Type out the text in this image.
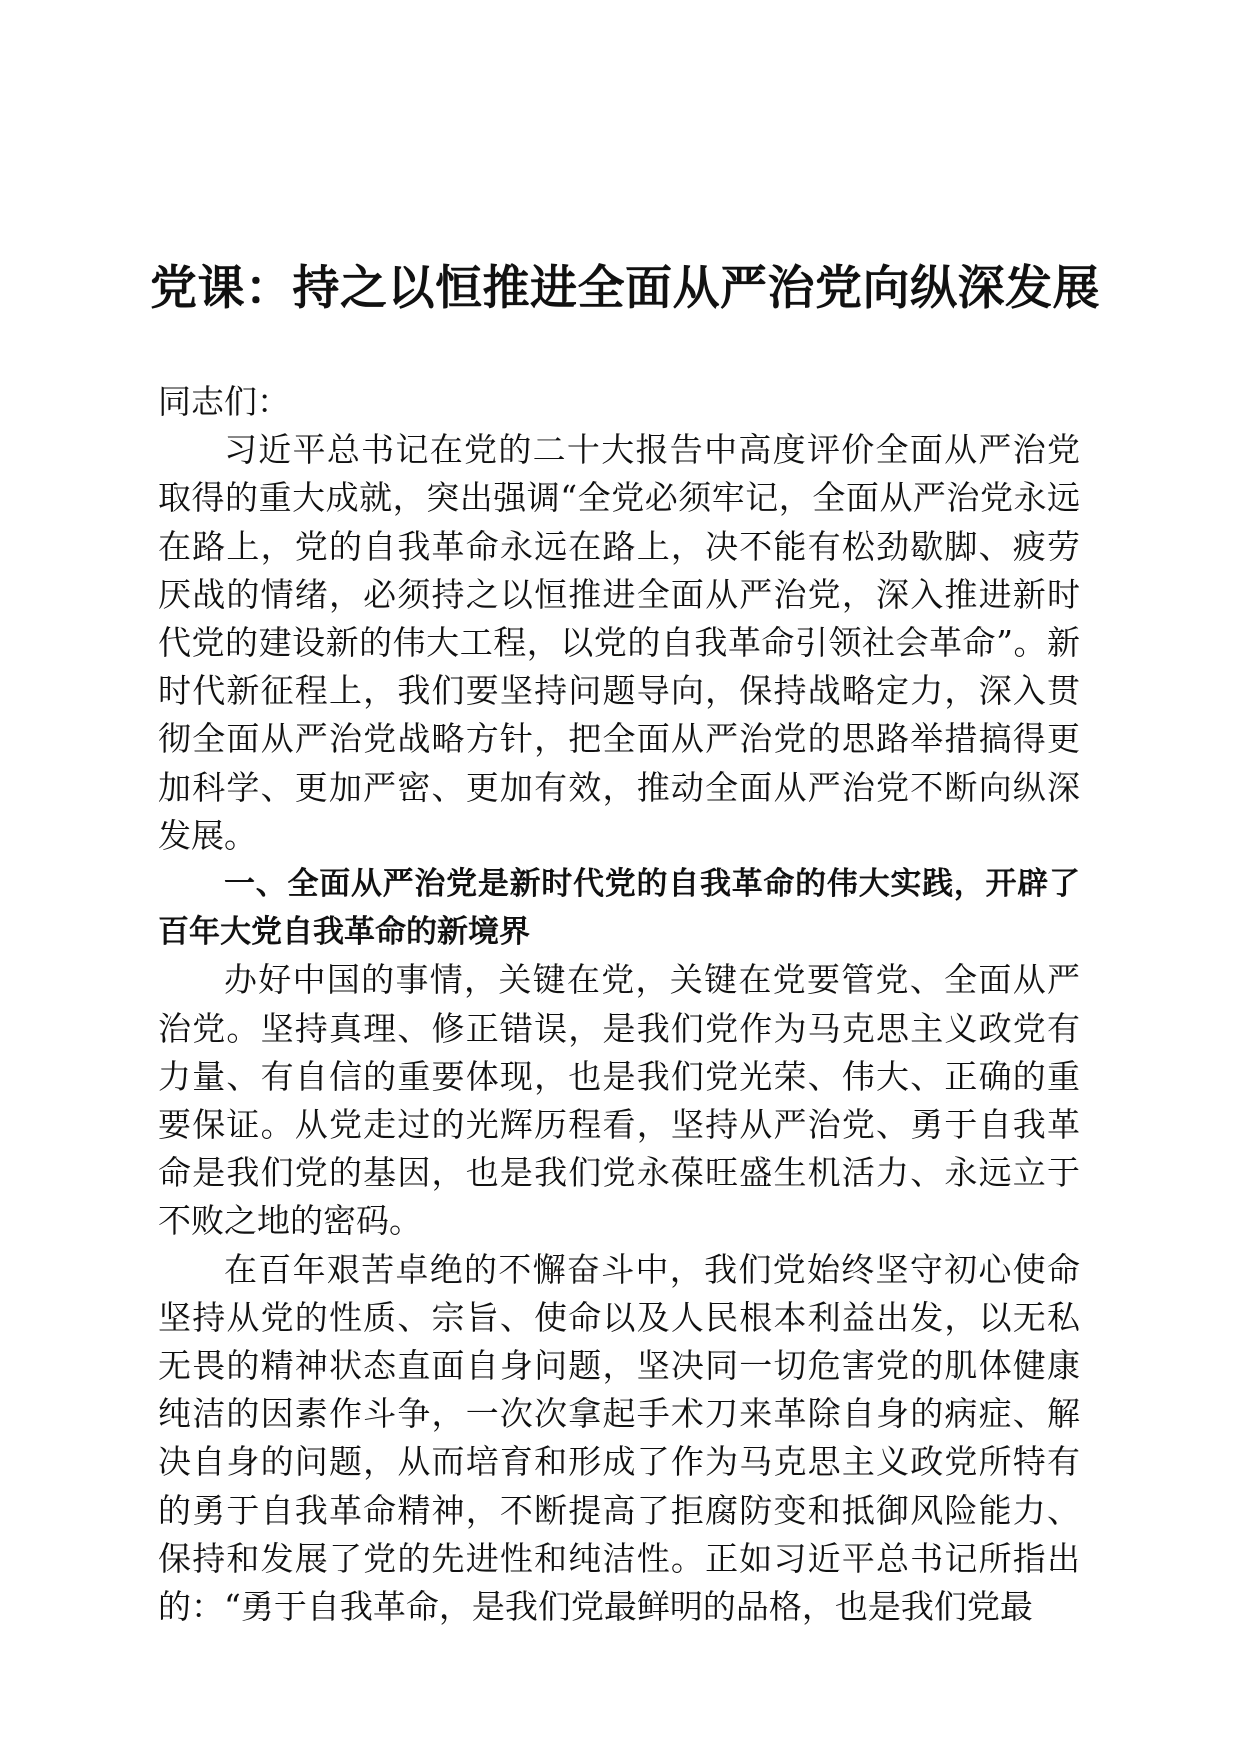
党课：持之以恒推进全面从严治党向纵深发展

同志们：

习近平总书记在党的二十大报告中高度评价全面从严治党取得的重大成就，突出强调“全党必须牢记，全面从严治党永远在路上，党的自我革命永远在路上，决不能有松劲歇脚、疲劳厌战的情绪，必须持之以恒推进全面从严治党，深入推进新时代党的建设新的伟大工程，以党的自我革命引领社会革命”。新时代新征程上，我们要坚持问题导向，保持战略定力，深入贯彻全面从严治党战略方针，把全面从严治党的思路举措搞得更加科学、更加严密、更加有效，推动全面从严治党不断向纵深发展。

一、全面从严治党是新时代党的自我革命的伟大实践，开辟了百年大党自我革命的新境界

办好中国的事情，关键在党，关键在党要管党、全面从严治党。坚持真理、修正错误，是我们党作为马克思主义政党有力量、有自信的重要体现，也是我们党光荣、伟大、正确的重要保证。从党走过的光辉历程看，坚持从严治党、勇于自我革命是我们党的基因，也是我们党永葆旺盛生机活力、永远立于不败之地的密码。

在百年艰苦卓绝的不懈奋斗中，我们党始终坚守初心使命坚持从党的性质、宗旨、使命以及人民根本利益出发，以无私无畏的精神状态直面自身问题，坚决同一切危害党的肌体健康纯洁的因素作斗争，一次次拿起手术刀来革除自身的病症、解决自身的问题，从而培育和形成了作为马克思主义政党所特有的勇于自我革命精神，不断提高了拒腐防变和抵御风险能力、保持和发展了党的先进性和纯洁性。正如习近平总书记所指出的：“勇于自我革命，是我们党最鲜明的品格，也是我们党最
